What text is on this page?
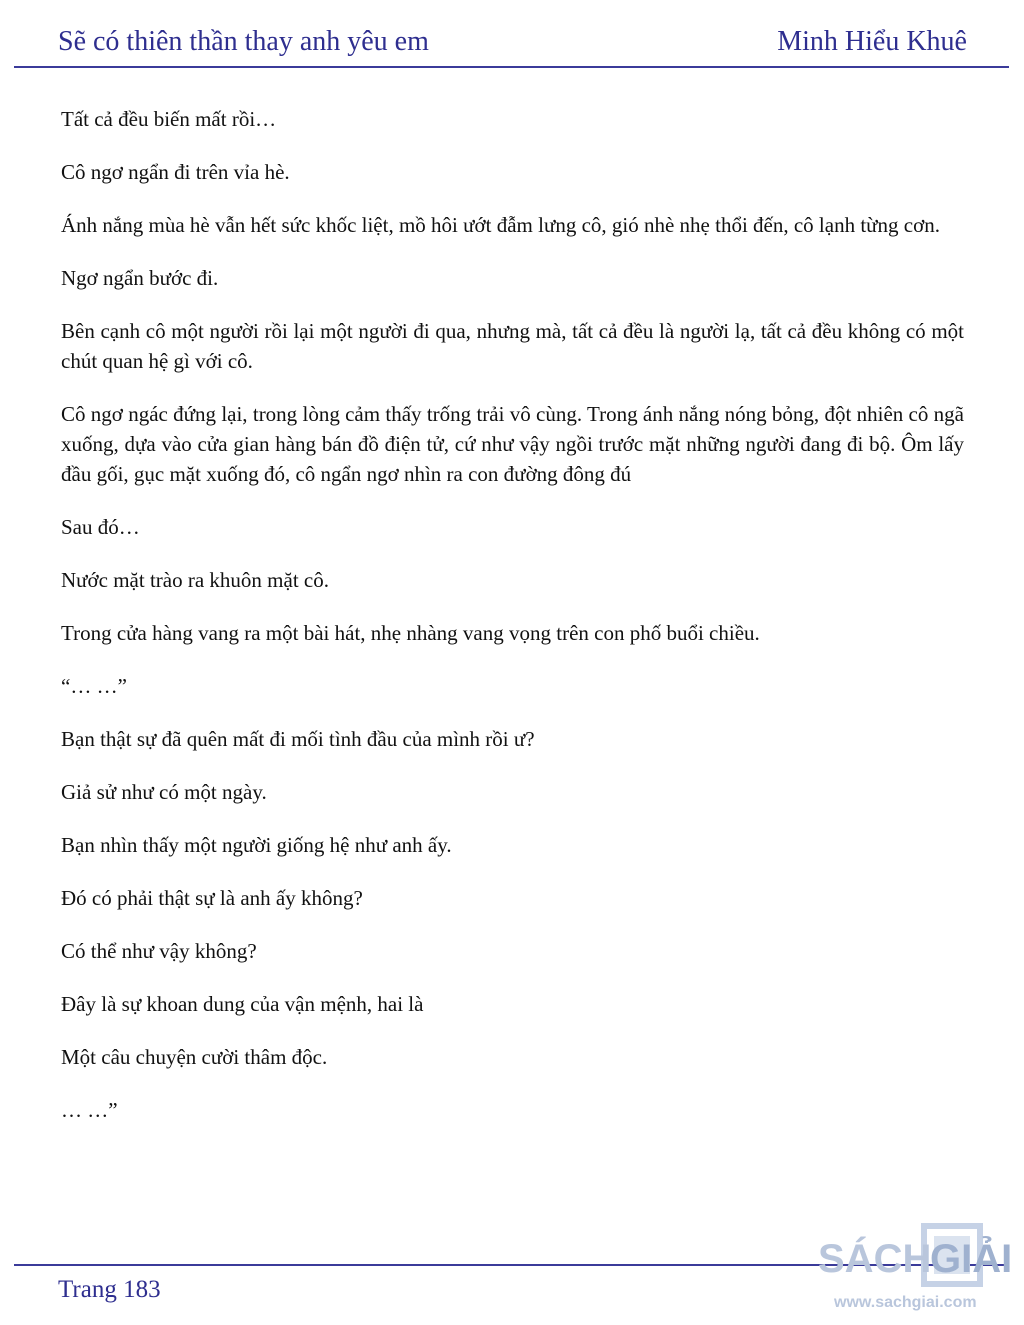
Sẽ có thiên thần thay anh yêu em	Minh Hiểu Khuê

Tất cả đều biến mất rồi…

Cô ngơ ngẩn đi trên vỉa hè.

Ánh nắng mùa hè vẫn hết sức khốc liệt, mồ hôi ướt đẫm lưng cô, gió nhè nhẹ thổi đến, cô lạnh từng cơn.

Ngơ ngẩn bước đi.

Bên cạnh cô một người rồi lại một người đi qua, nhưng mà, tất cả đều là người lạ, tất cả đều không có một chút quan hệ gì với cô.

Cô ngơ ngác đứng lại, trong lòng cảm thấy trống trải vô cùng. Trong ánh nắng nóng bỏng, đột nhiên cô ngã xuống, dựa vào cửa gian hàng bán đồ điện tử, cứ như vậy ngồi trước mặt những người đang đi bộ. Ôm lấy đầu gối, gục mặt xuống đó, cô ngẩn ngơ nhìn ra con đường đông đú

Sau đó…

Nước mặt trào ra khuôn mặt cô.

Trong cửa hàng vang ra một bài hát, nhẹ nhàng vang vọng trên con phố buổi chiều.

“… …”

Bạn thật sự đã quên mất đi mối tình đầu của mình rồi ư?

Giả sử như có một ngày.

Bạn nhìn thấy một người giống hệ như anh ấy.

Đó có phải thật sự là anh ấy không?

Có thể như vậy không?

Đây là sự khoan dung của vận mệnh, hai là

Một câu chuyện cười thâm độc.

… …”

Trang 183
SÁCH
GIẢI
www.sachgiai.com
